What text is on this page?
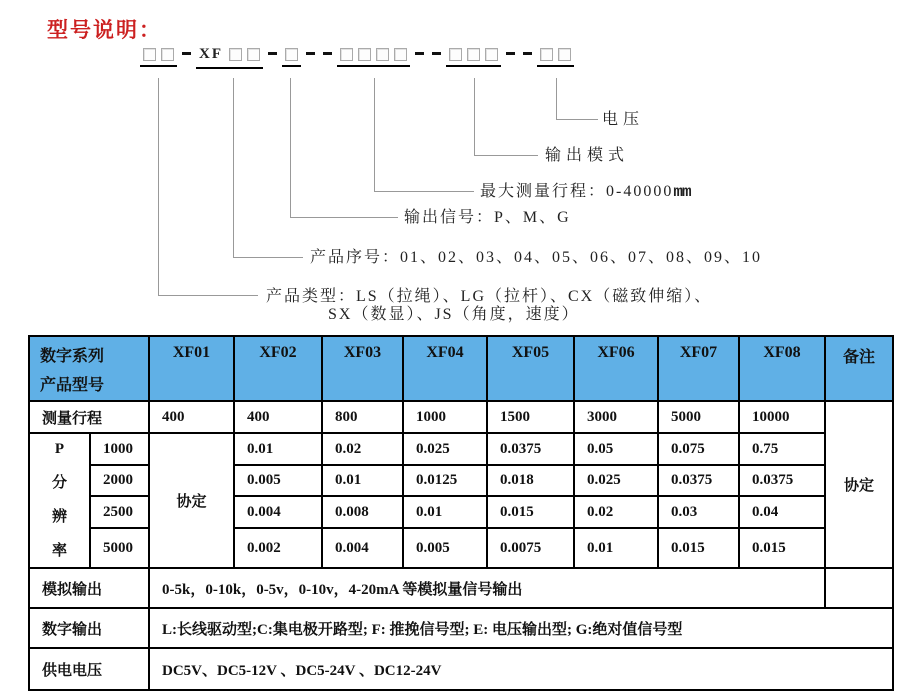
型号说明：
XF
电压
输出模式
最大测量行程：0-40000mm
输出信号：P、M、G
产品序号：01、02、03、04、05、06、07、08、09、10
产品类型：LS（拉绳）、LG（拉杆）、CX（磁致伸缩）、
SX（数显）、JS（角度，速度）
数字系列
产品型号		XF01	XF02	XF03	XF04	XF05	XF06	XF07	XF08	备注
测量行程		400	400	800	1000	1500	3000	5000	10000	协定

P
分
辨
率	1000	协定	0.01	0.02	0.025	0.0375	0.05	0.075	0.75	
	2000		0.005	0.01	0.0125	0.018	0.025	0.0375	0.0375	
	2500		0.004	0.008	0.01	0.015	0.02	0.03	0.04	
	5000		0.002	0.004	0.005	0.0075	0.01	0.015	0.015	
模拟输出		0-5k，0-10k，0-5v，0-10v，4-20mA 等模拟量信号输出								
数字输出		L:长线驱动型;C:集电极开路型; F: 推挽信号型; E: 电压输出型; G:绝对值信号型								
供电电压		DC5V、DC5-12V 、DC5-24V 、DC12-24V								
